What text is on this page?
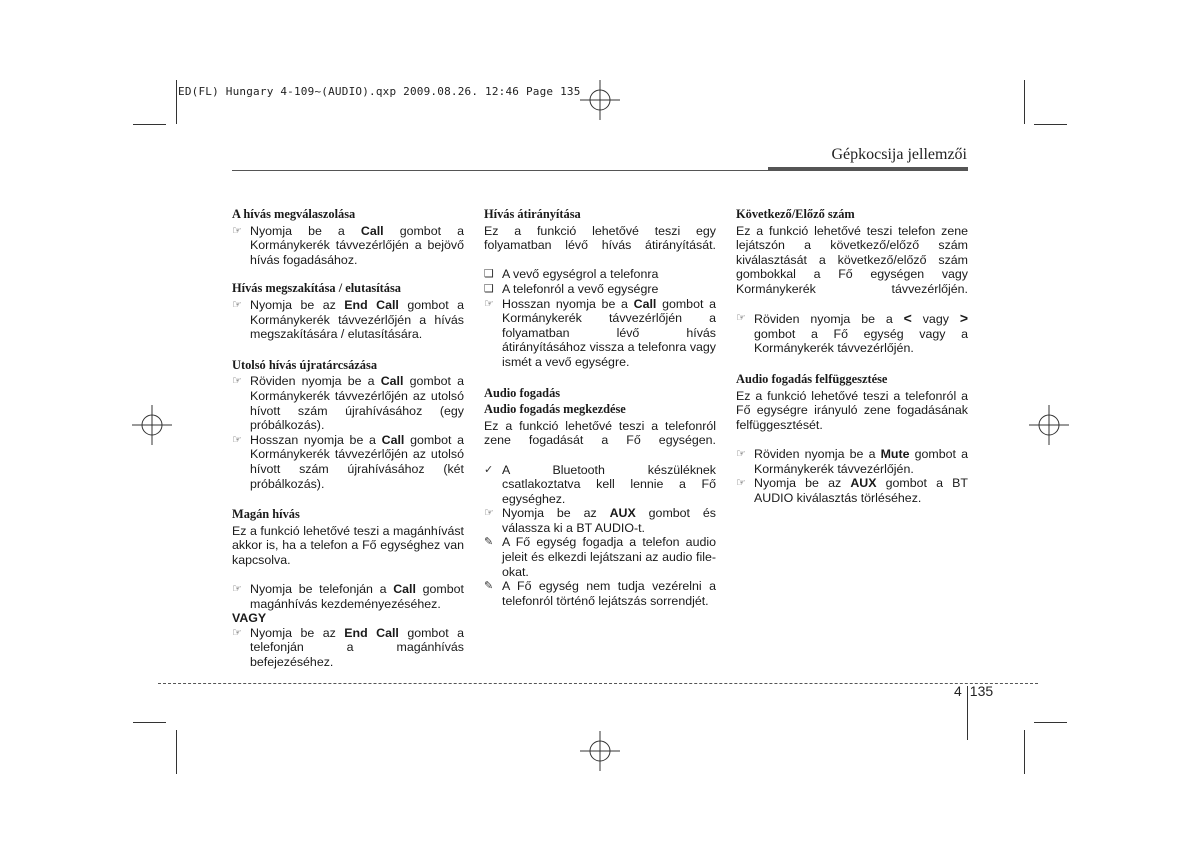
ED(FL) Hungary 4-109~(AUDIO).qxp 2009.08.26. 12:46 Page 135
Gépkocsija jellemzői
A hívás megválaszolása
☞ Nyomja be a Call gombot a Kormánykerék távvezérlőjén a bejövő hívás fogadásához.
Hívás megszakítása / elutasítása
☞ Nyomja be az End Call gombot a Kormánykerék távvezérlőjén a hívás megszakítására / elutasítására.
Utolsó hívás újratárcsázása
☞ Röviden nyomja be a Call gombot a Kormánykerék távvezérlőjén az utolsó hívott szám újrahívásához (egy próbálkozás).
☞ Hosszan nyomja be a Call gombot a Kormánykerék távvezérlőjén az utolsó hívott szám újrahívásához (két próbálkozás).
Magán hívás

Ez a funkció lehetővé teszi a magánhívást akkor is, ha a telefon a Fő egységhez van kapcsolva.

☞ Nyomja be telefonján a Call gombot magánhívás kezdeményezéséhez.
VAGY
☞ Nyomja be az End Call gombot a telefonján a magánhívás befejezéséhez.
Hívás átirányítása

Ez a funkció lehetővé teszi egy folyamatban lévő hívás átirányítását.

❑ A vevő egységrol a telefonra
❑ A telefonról a vevő egységre
☞ Hosszan nyomja be a Call gombot a Kormánykerék távvezérlőjén a folyamatban lévő hívás átirányításához vissza a telefonra vagy ismét a vevő egységre.
Audio fogadás
Audio fogadás megkezdése

Ez a funkció lehetővé teszi a telefonról zene fogadását a Fő egységen.

✓ A Bluetooth készüléknek csatlakoztatva kell lennie a Fő egységhez.
☞ Nyomja be az AUX gombot és válassza ki a BT AUDIO-t.
✎ A Fő egység fogadja a telefon audio jeleit és elkezdi lejátszani az audio file-okat.
✎ A Fő egység nem tudja vezérelni a telefonról történő lejátszás sorrendjét.
Következő/Előző szám

Ez a funkció lehetővé teszi telefon zene lejátszón a következő/előző szám kiválasztását a következő/előző szám gombokkal a Fő egységen vagy Kormánykerék távvezérlőjén.

☞ Röviden nyomja be a < vagy > gombot a Fő egység vagy a Kormánykerék távvezérlőjén.
Audio fogadás felfüggesztése

Ez a funkció lehetővé teszi a telefonról a Fő egységre irányuló zene fogadásának felfüggesztését.

☞ Röviden nyomja be a Mute gombot a Kormánykerék távvezérlőjén.
☞ Nyomja be az AUX gombot a BT AUDIO kiválasztás törléséhez.
4 135
